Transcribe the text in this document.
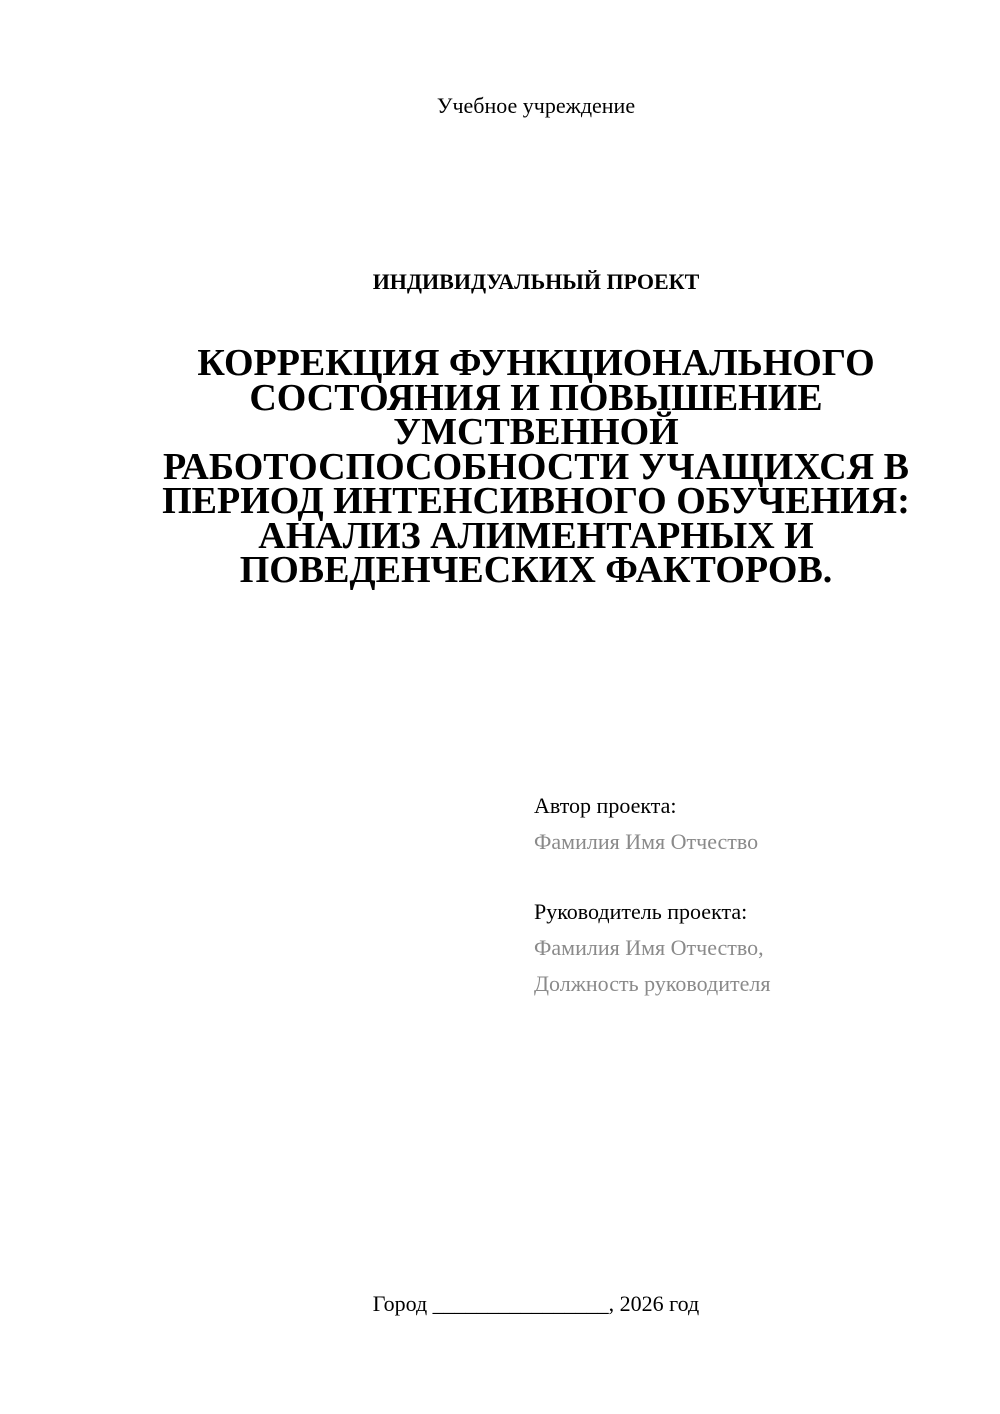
Учебное учреждение
ИНДИВИДУАЛЬНЫЙ ПРОЕКТ
КОРРЕКЦИЯ ФУНКЦИОНАЛЬНОГО
СОСТОЯНИЯ И ПОВЫШЕНИЕ
УМСТВЕННОЙ
РАБОТОСПОСОБНОСТИ УЧАЩИХСЯ В
ПЕРИОД ИНТЕНСИВНОГО ОБУЧЕНИЯ:
АНАЛИЗ АЛИМЕНТАРНЫХ И
ПОВЕДЕНЧЕСКИХ ФАКТОРОВ.
Автор проекта:
Фамилия Имя Отчество
Руководитель проекта:
Фамилия Имя Отчество,
Должность руководителя
Город ________________, 2026 год
